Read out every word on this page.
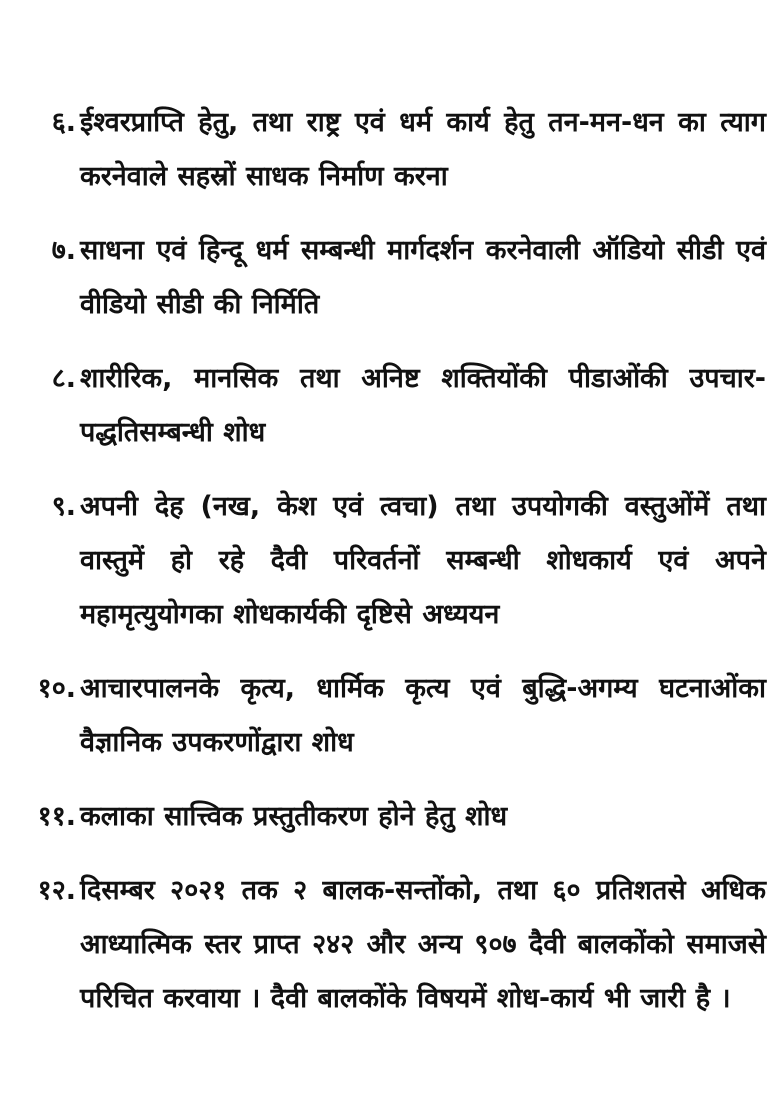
६. ईश्वरप्राप्ति हेतु, तथा राष्ट्र एवं धर्म कार्य हेतु तन-मन-धन का त्याग करनेवाले सहस्रों साधक निर्माण करना
७. साधना एवं हिन्दू धर्म सम्बन्धी मार्गदर्शन करनेवाली ऑडियो सीडी एवं वीडियो सीडी की निर्मिति
८. शारीरिक, मानसिक तथा अनिष्ट शक्तियोंकी पीडाओंकी उपचार-पद्धतिसम्बन्धी शोध
९. अपनी देह (नख, केश एवं त्वचा) तथा उपयोगकी वस्तुओंमें तथा वास्तुमें हो रहे दैवी परिवर्तनों सम्बन्धी शोधकार्य एवं अपने महामृत्युयोगका शोधकार्यकी दृष्टिसे अध्ययन
१०. आचारपालनके कृत्य, धार्मिक कृत्य एवं बुद्धि-अगम्य घटनाओंका वैज्ञानिक उपकरणोंद्वारा शोध
११. कलाका सात्त्विक प्रस्तुतीकरण होने हेतु शोध
१२. दिसम्बर २०२१ तक २ बालक-सन्तोंको, तथा ६० प्रतिशतसे अधिक आध्यात्मिक स्तर प्राप्त २४२ और अन्य ९०७ दैवी बालकोंको समाजसे परिचित करवाया । दैवी बालकोंके विषयमें शोध-कार्य भी जारी है ।
